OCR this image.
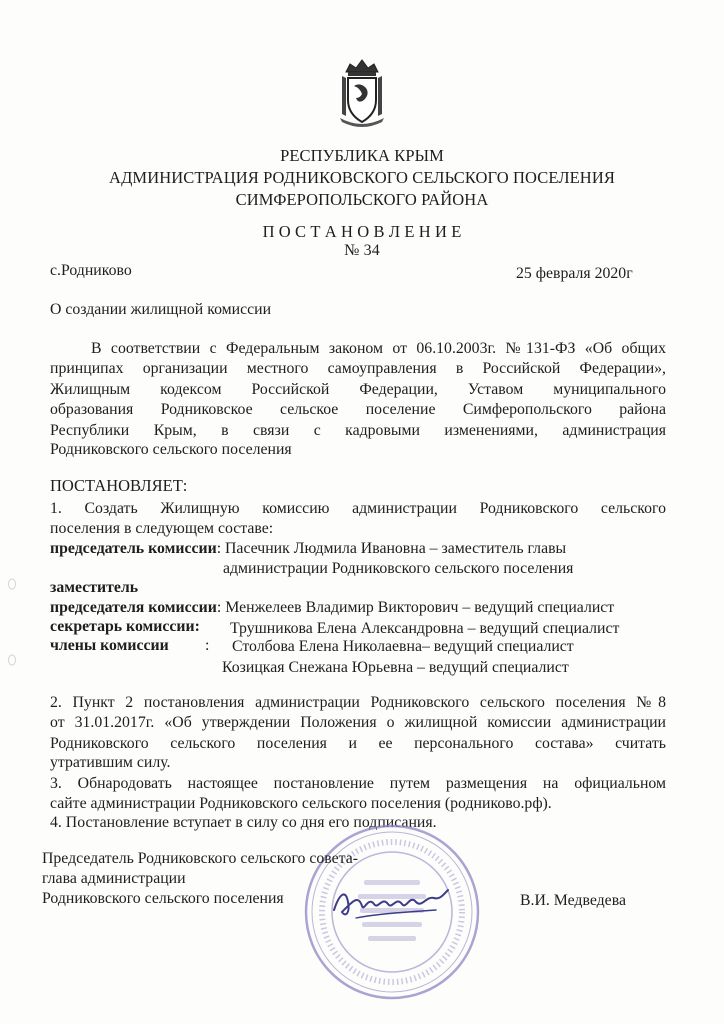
РЕСПУБЛИКА КРЫМ
АДМИНИСТРАЦИЯ РОДНИКОВСКОГО СЕЛЬСКОГО ПОСЕЛЕНИЯ
СИМФЕРОПОЛЬСКОГО РАЙОНА
П О С Т А Н О В Л Е Н И Е
№ 34
с.Родниково	25 февраля 2020г
О создании жилищной комиссии
В соответствии с Федеральным законом от 06.10.2003г. №131-ФЗ «Об общих
принципах организации местного самоуправления в Российской Федерации»,
Жилищным кодексом Российской Федерации, Уставом муниципального
образования Родниковское сельское поселение Симферопольского района
Республики Крым, в связи с кадровыми изменениями, администрация
Родниковского сельского поселения
ПОСТАНОВЛЯЕТ:
1. Создать Жилищную комиссию администрации Родниковского сельского
поселения в следующем составе:
председатель комиссии: Пасечник Людмила Ивановна – заместитель главы
администрации Родниковского сельского поселения
заместитель
председателя комиссии: Менжелеев Владимир Викторович – ведущий специалист
секретарь комиссии: Трушникова Елена Александровна – ведущий специалист
члены комиссии : Столбова Елена Николаевна– ведущий специалист
Козицкая Снежана Юрьевна – ведущий специалист
2. Пункт 2 постановления администрации Родниковского сельского поселения №8
от 31.01.2017г. «Об утверждении Положения о жилищной комиссии администрации
Родниковского сельского поселения и ее персонального состава» считать
утратившим силу.
3. Обнародовать настоящее постановление путем размещения на официальном
сайте администрации Родниковского сельского поселения (родниково.рф).
4. Постановление вступает в силу со дня его подписания.
Председатель Родниковского сельского совета-
глава администрации
Родниковского сельского поселения	В.И. Медведева
